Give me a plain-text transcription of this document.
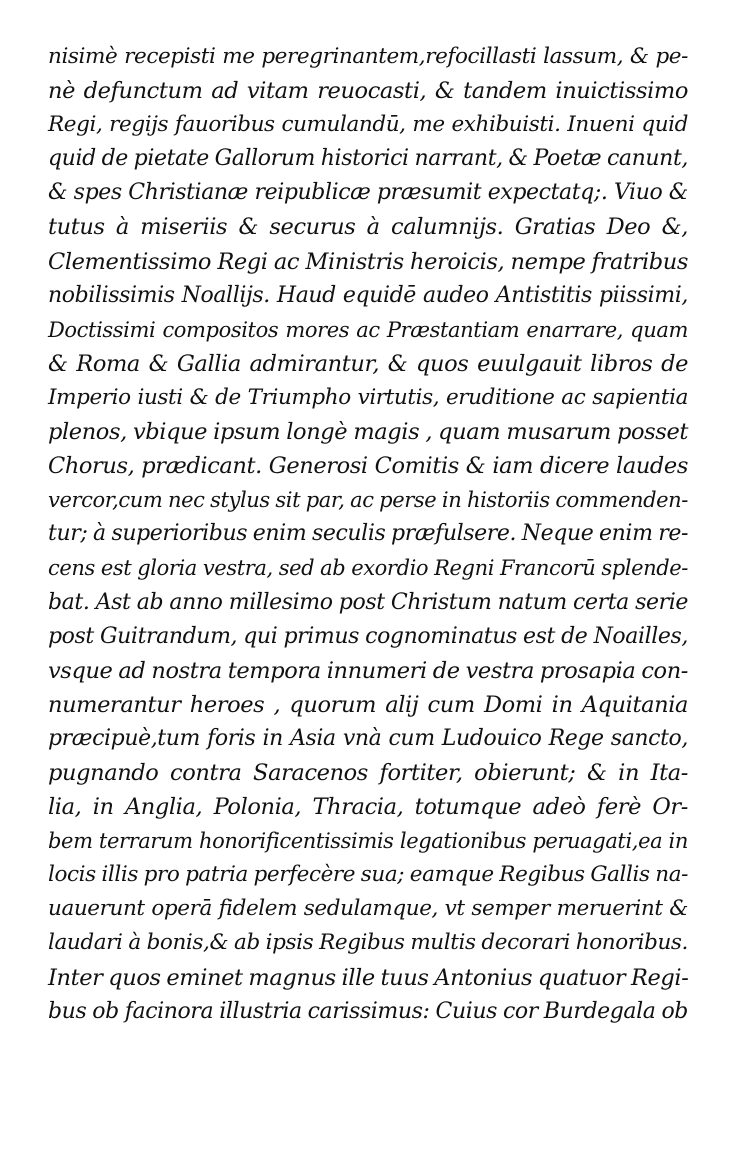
nisimè recepisti me peregrinantem,refocillasti lassum, & pe-
nè defunctum ad vitam reuocasti, & tandem inuictissimo
Regi, regijs fauoribus cumulandū, me exhibuisti. Inueni quid
quid de pietate Gallorum historici narrant, & Poetæ canunt,
& spes Christianæ reipublicæ præsumit expectatq;. Viuo &
tutus à miseriis & securus à calumnijs. Gratias Deo &,
Clementissimo Regi ac Ministris heroicis, nempe fratribus
nobilissimis Noallijs. Haud equidē audeo Antistitis piissimi,
Doctissimi compositos mores ac Præstantiam enarrare, quam
& Roma & Gallia admirantur, & quos euulgauit libros de
Imperio iusti & de Triumpho virtutis, eruditione ac sapientia
plenos, vbique ipsum longè magis , quam musarum posset
Chorus, prædicant. Generosi Comitis & iam dicere laudes
vercor,cum nec stylus sit par, ac perse in historiis commenden-
tur; à superioribus enim seculis præfulsere. Neque enim re-
cens est gloria vestra, sed ab exordio Regni Francorū splende-
bat. Ast ab anno millesimo post Christum natum certa serie
post Guitrandum, qui primus cognominatus est de Noailles,
vsque ad nostra tempora innumeri de vestra prosapia con-
numerantur heroes , quorum alij cum Domi in Aquitania
præcipuè,tum foris in Asia vnà cum Ludouico Rege sancto,
pugnando contra Saracenos fortiter, obierunt; & in Ita-
lia, in Anglia, Polonia, Thracia, totumque adeò ferè Or-
bem terrarum honorificentissimis legationibus peruagati,ea in
locis illis pro patria perfecère sua; eamque Regibus Gallis na-
uauerunt operā fidelem sedulamque, vt semper meruerint &
laudari à bonis,& ab ipsis Regibus multis decorari honoribus.
Inter quos eminet magnus ille tuus Antonius quatuor Regi-
bus ob facinora illustria carissimus: Cuius cor Burdegala ob
